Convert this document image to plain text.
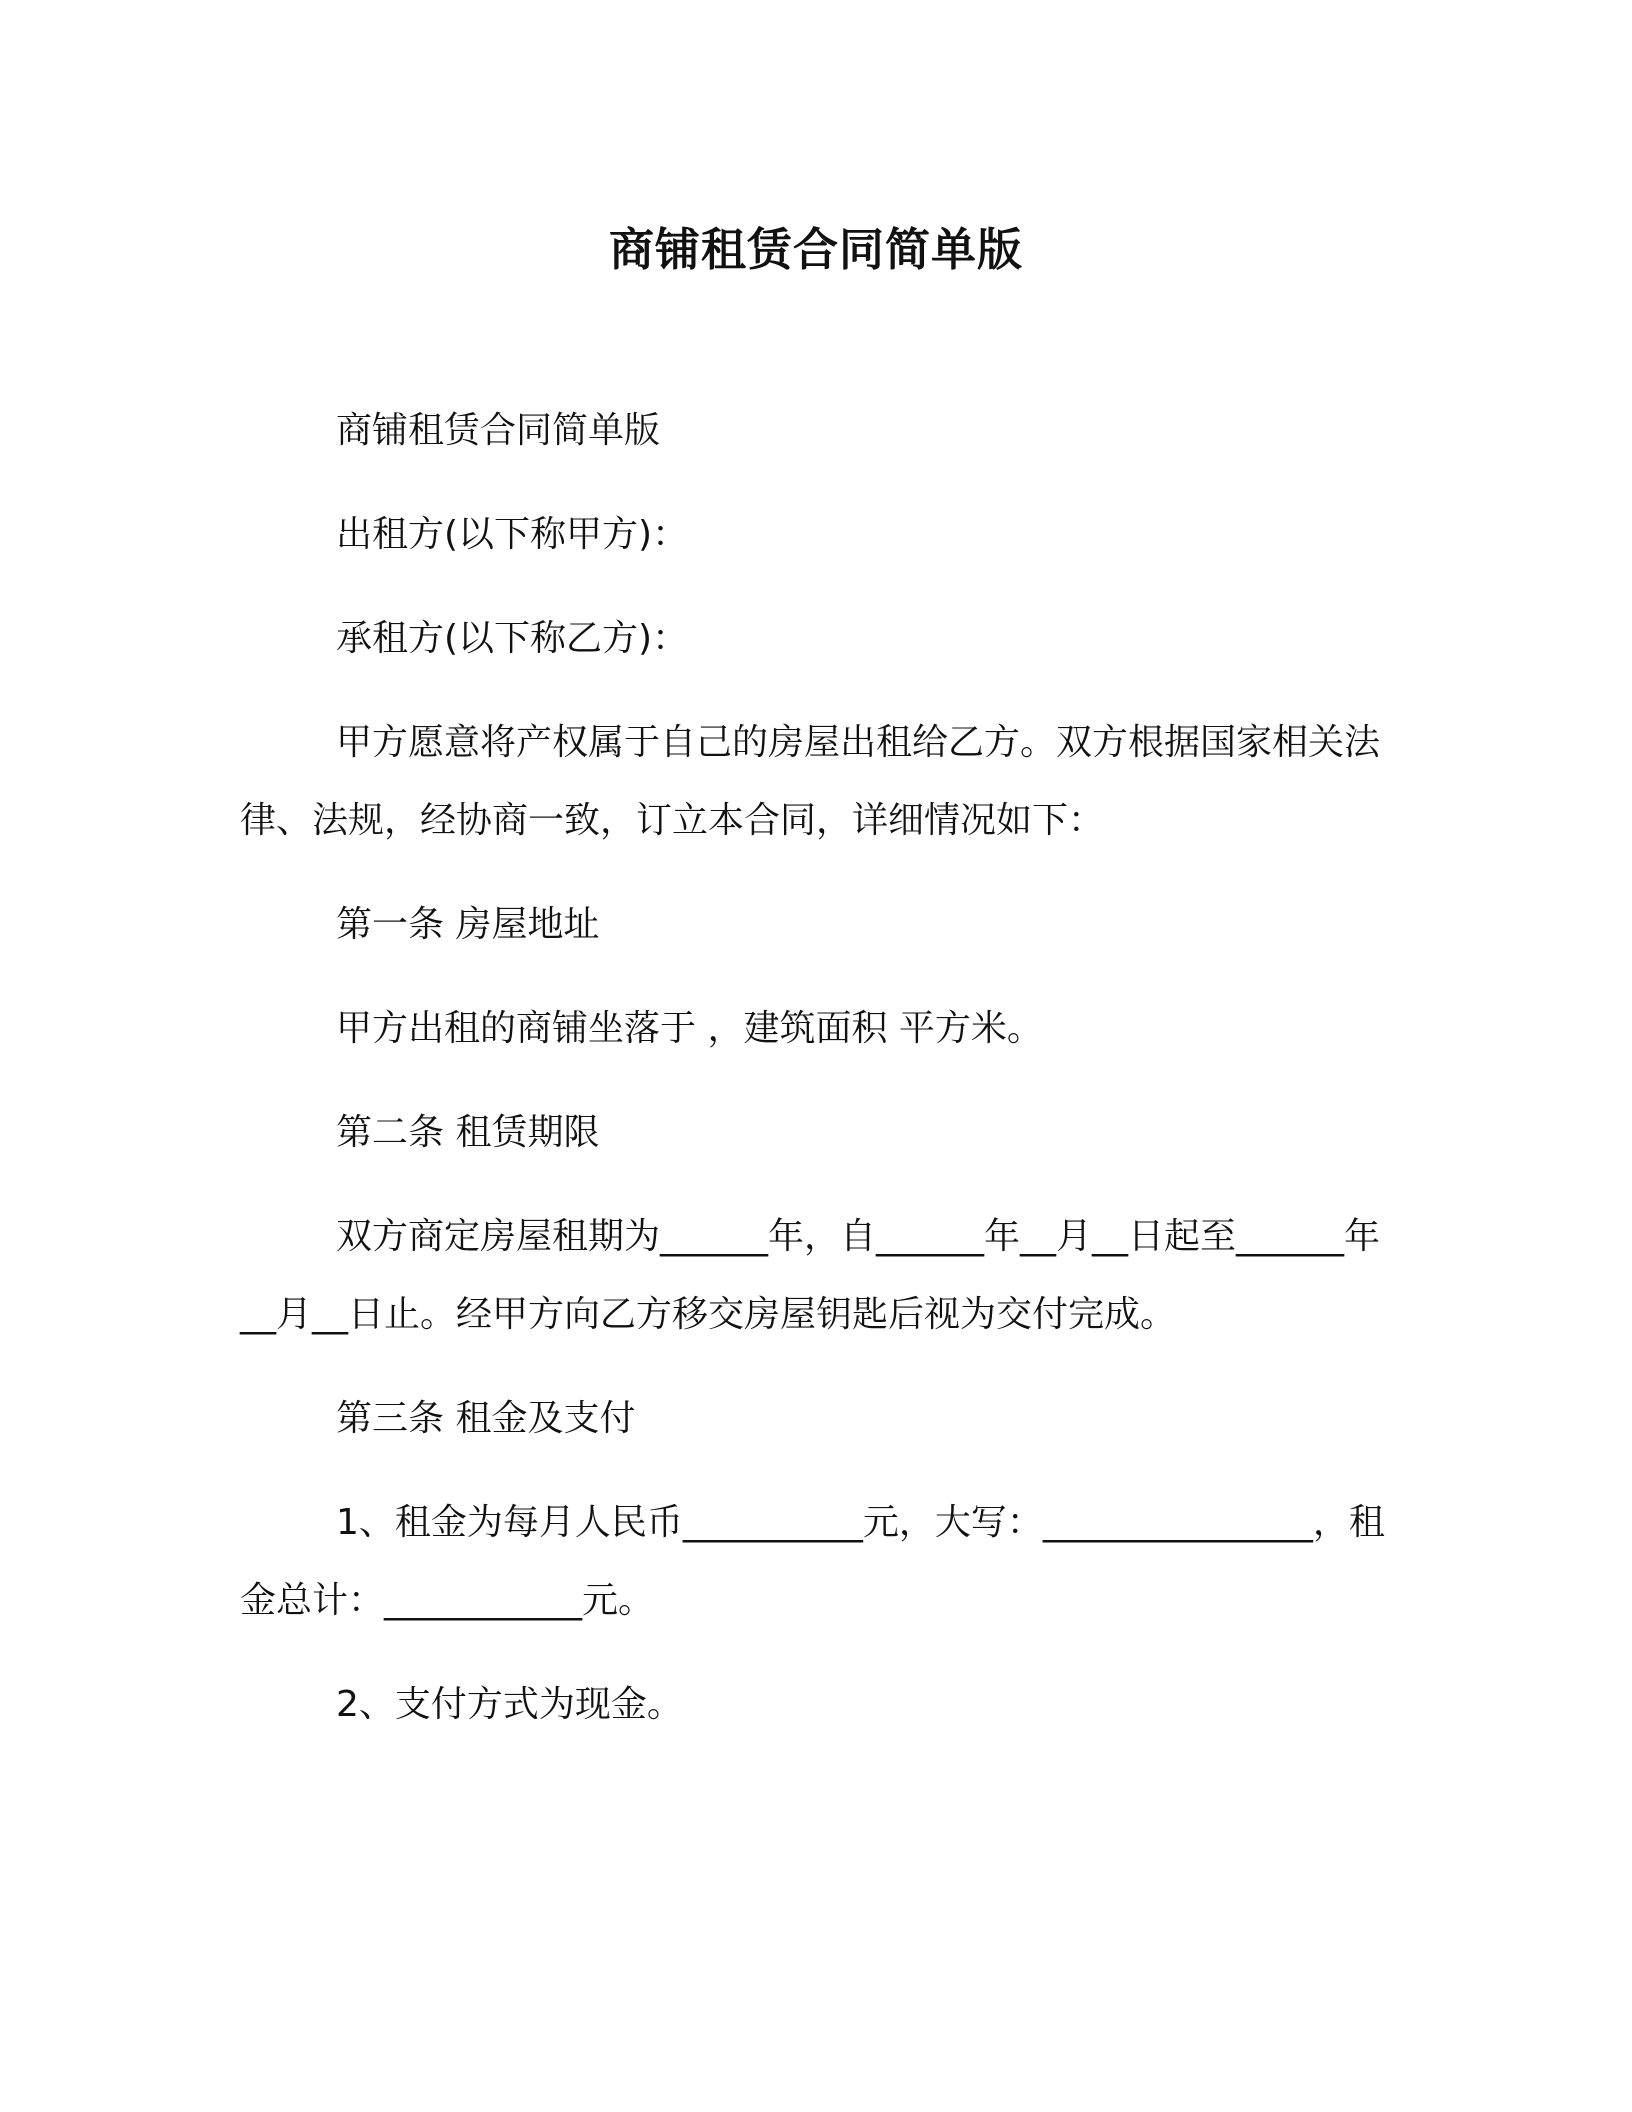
商铺租赁合同简单版

商铺租赁合同简单版

出租方(以下称甲方)：

承租方(以下称乙方)：

甲方愿意将产权属于自己的房屋出租给乙方。双方根据国家相关法律、法规，经协商一致，订立本合同，详细情况如下：

第一条 房屋地址

甲方出租的商铺坐落于 ，建筑面积 平方米。

第二条 租赁期限

双方商定房屋租期为______年，自______年__月__日起至______年__月__日止。经甲方向乙方移交房屋钥匙后视为交付完成。

第三条 租金及支付

1、租金为每月人民币__________元，大写：_______________，租金总计：___________元。

2、支付方式为现金。
